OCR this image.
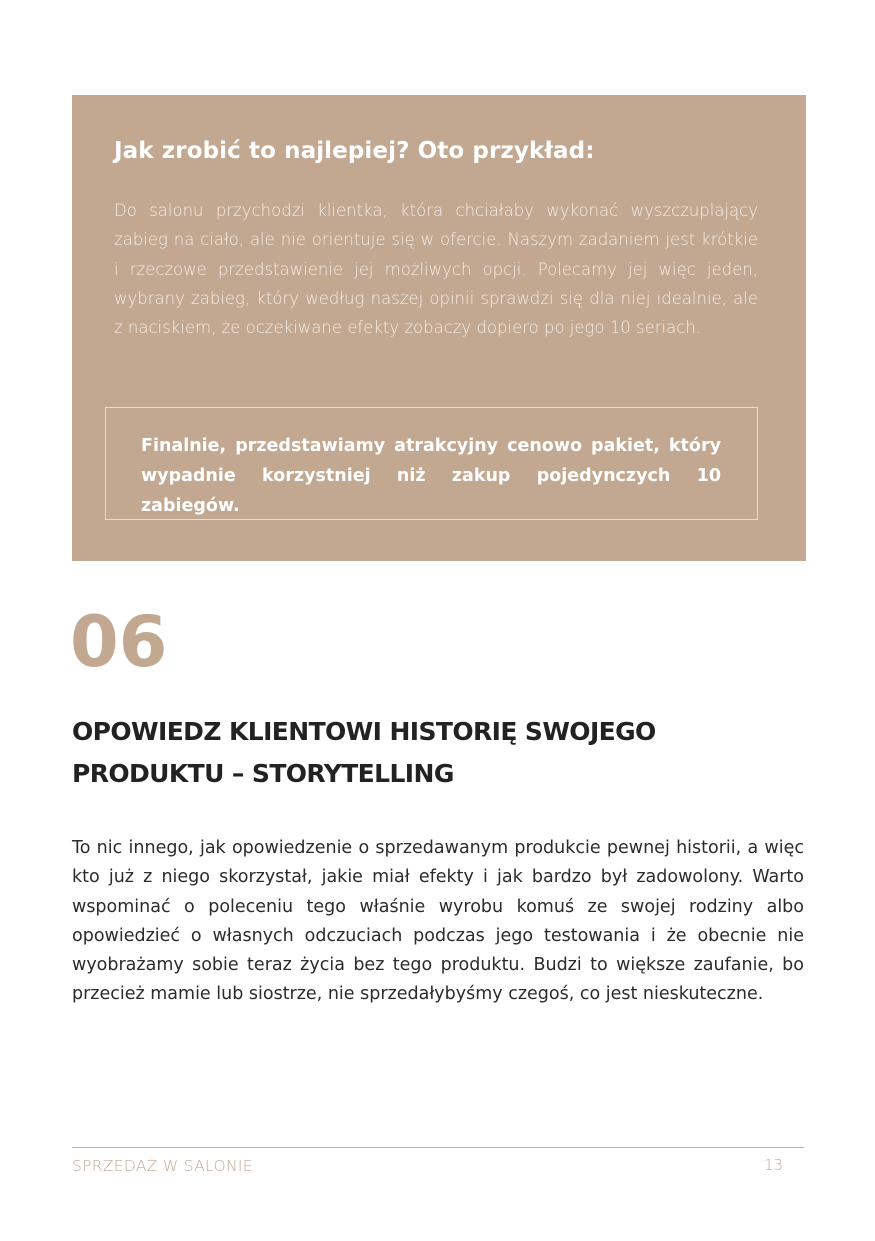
Jak zrobić to najlepiej? Oto przykład:

Do salonu przychodzi klientka, która chciałaby wykonać wyszczuplający zabieg na ciało, ale nie orientuje się w ofercie. Naszym zadaniem jest krótkie i rzeczowe przedstawienie jej możliwych opcji. Polecamy jej więc jeden, wybrany zabieg, który według naszej opinii sprawdzi się dla niej idealnie, ale z naciskiem, że oczekiwane efekty zobaczy dopiero po jego 10 seriach.

Finalnie, przedstawiamy atrakcyjny cenowo pakiet, który wypadnie korzystniej niż zakup pojedynczych 10 zabiegów.

06
OPOWIEDZ KLIENTOWI HISTORIĘ SWOJEGO PRODUKTU – STORYTELLING

To nic innego, jak opowiedzenie o sprzedawanym produkcie pewnej historii, a więc kto już z niego skorzystał, jakie miał efekty i jak bardzo był zadowolony. Warto wspominać o poleceniu tego właśnie wyrobu komuś ze swojej rodziny albo opowiedzieć o własnych odczuciach podczas jego testowania i że obecnie nie wyobrażamy sobie teraz życia bez tego produktu. Budzi to większe zaufanie, bo przecież mamie lub siostrze, nie sprzedałybyśmy czegoś, co jest nieskuteczne.

SPRZEDAŻ W SALONIE	13
